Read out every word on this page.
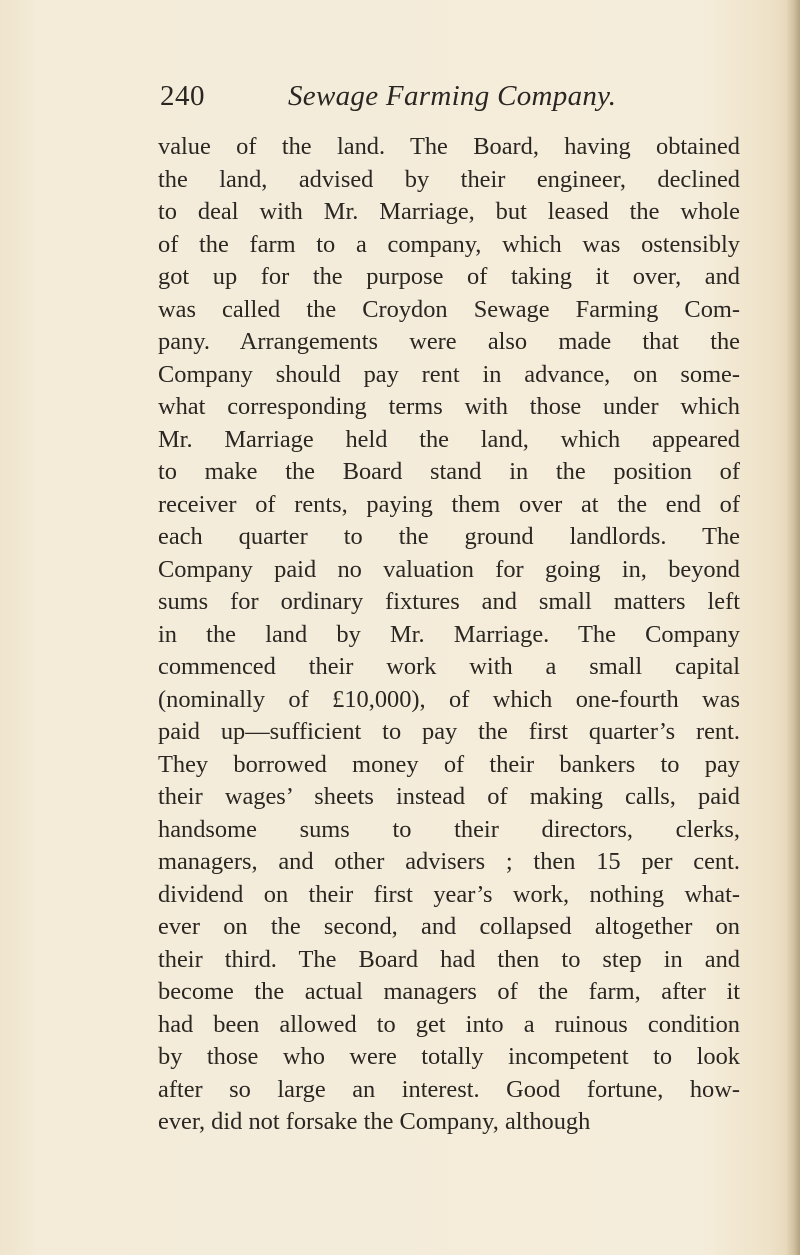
240	Sewage Farming Company.
value of the land. The Board, having obtained
the land, advised by their engineer, declined
to deal with Mr. Marriage, but leased the whole
of the farm to a company, which was ostensibly
got up for the purpose of taking it over, and
was called the Croydon Sewage Farming Com-
pany. Arrangements were also made that the
Company should pay rent in advance, on some-
what corresponding terms with those under which
Mr. Marriage held the land, which appeared
to make the Board stand in the position of
receiver of rents, paying them over at the end of
each quarter to the ground landlords. The
Company paid no valuation for going in, beyond
sums for ordinary fixtures and small matters left
in the land by Mr. Marriage. The Company
commenced their work with a small capital
(nominally of £10,000), of which one-fourth was
paid up—sufficient to pay the first quarter’s rent.
They borrowed money of their bankers to pay
their wages’ sheets instead of making calls, paid
handsome sums to their directors, clerks,
managers, and other advisers ; then 15 per cent.
dividend on their first year’s work, nothing what-
ever on the second, and collapsed altogether on
their third. The Board had then to step in and
become the actual managers of the farm, after it
had been allowed to get into a ruinous condition
by those who were totally incompetent to look
after so large an interest. Good fortune, how-
ever, did not forsake the Company, although
